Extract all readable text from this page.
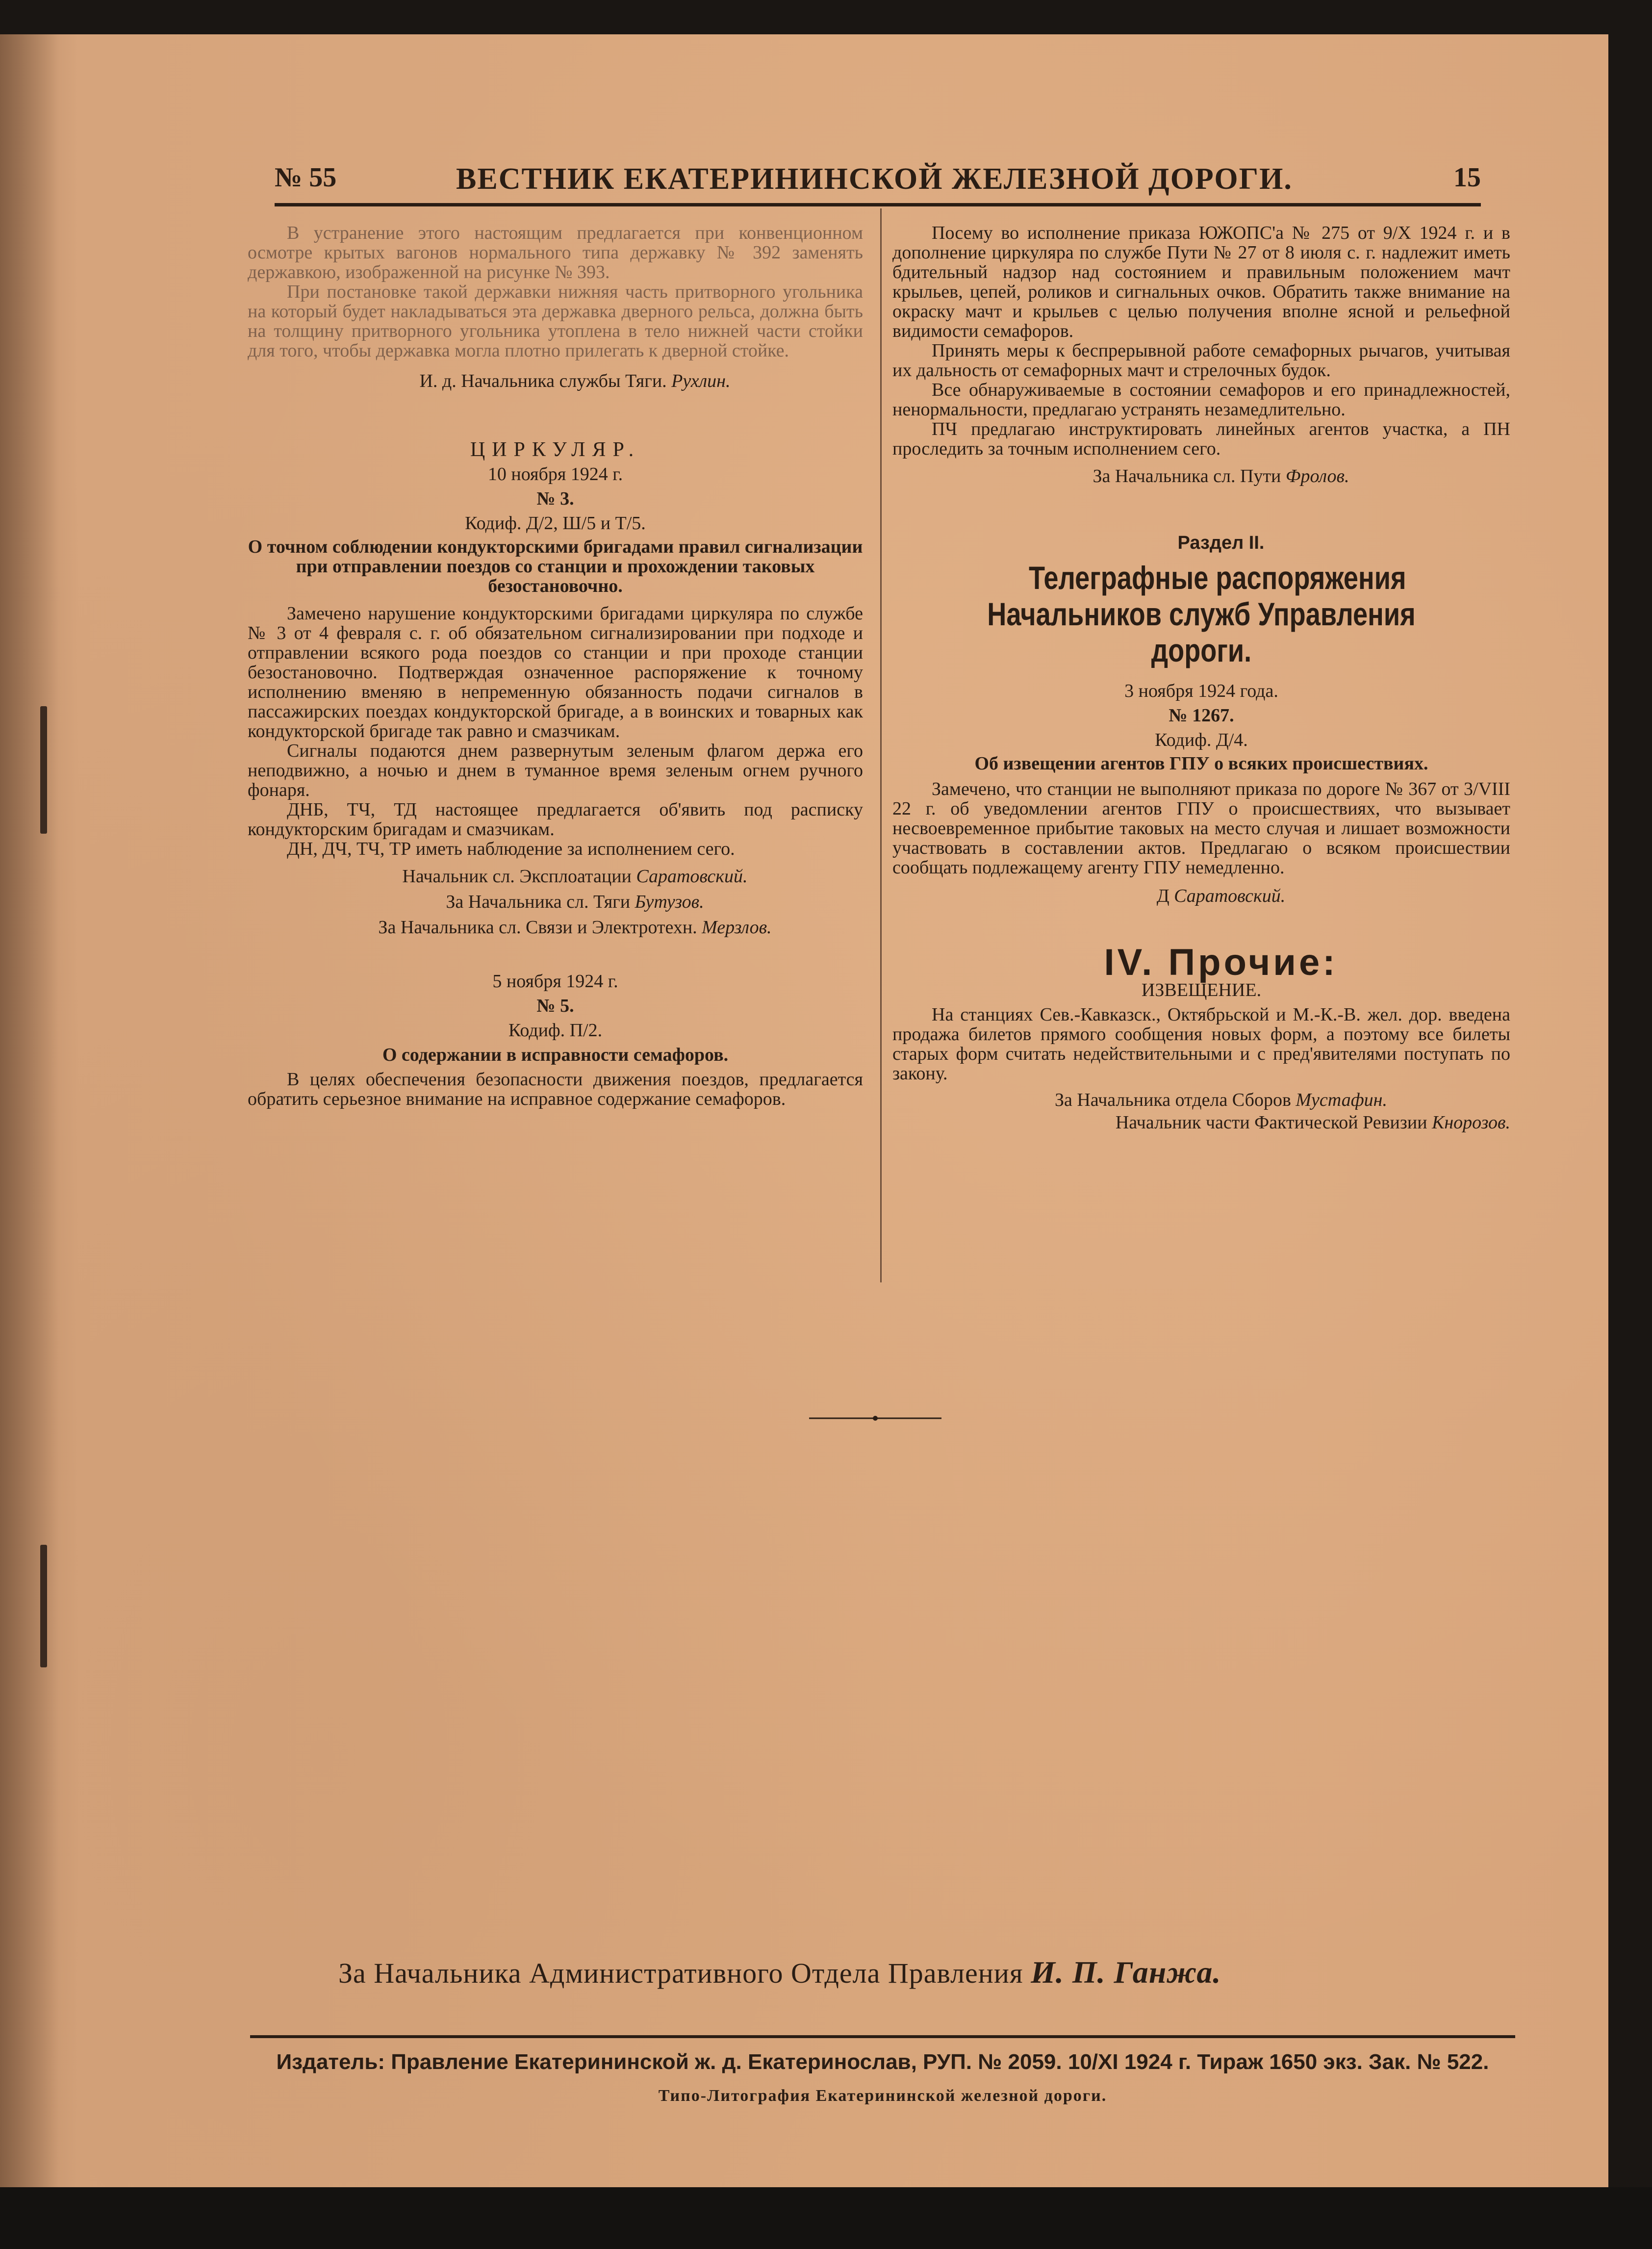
№ 55	ВЕСТНИК ЕКАТЕРИНИНСКОЙ ЖЕЛЕЗНОЙ ДОРОГИ.	15

В устранение этого настоящим предлагается при конвенционном осмотре крытых вагонов нормального типа державку № 392 заменять державкою, изображенной на рисунке № 393.

При постановке такой державки нижняя часть притворного угольника на который будет накладываться эта державка дверного рельса, должна быть на толщину притворного угольника утоплена в тело нижней части стойки для того, чтобы державка могла плотно прилегать к дверной стойке.

И. д. Начальника службы Тяги. Рухлин.

ЦИРКУЛЯР.

10 ноября 1924 г.

№ 3.

Кодиф. Д/2, Ш/5 и Т/5.

О точном соблюдении кондукторскими бригадами правил сигнализации при отправлении поездов со станции и прохождении таковых безостановочно.

Замечено нарушение кондукторскими бригадами циркуляра по службе № 3 от 4 февраля с. г. об обязательном сигнализировании при подходе и отправлении всякого рода поездов со станции и при проходе станции безостановочно. Подтверждая означенное распоряжение к точному исполнению вменяю в непременную обязанность подачи сигналов в пассажирских поездах кондукторской бригаде, а в воинских и товарных как кондукторской бригаде так равно и смазчикам.

Сигналы подаются днем развернутым зеленым флагом держа его неподвижно, а ночью и днем в туманное время зеленым огнем ручного фонаря.

ДНБ, ТЧ, ТД настоящее предлагается об'явить под расписку кондукторским бригадам и смазчикам.

ДН, ДЧ, ТЧ, ТР иметь наблюдение за исполнением сего.

Начальник сл. Эксплоатации Саратовский.

За Начальника сл. Тяги Бутузов.

За Начальника сл. Связи и Электротехн. Мерзлов.

5 ноября 1924 г.

№ 5.

Кодиф. П/2.

О содержании в исправности семафоров.

В целях обеспечения безопасности движения поездов, предлагается обратить серьезное внимание на исправное содержание семафоров.

Посему во исполнение приказа ЮЖОПС'а № 275 от 9/Х 1924 г. и в дополнение циркуляра по службе Пути № 27 от 8 июля с. г. надлежит иметь бдительный надзор над состоянием и правильным положением мачт крыльев, цепей, роликов и сигнальных очков. Обратить также внимание на окраску мачт и крыльев с целью получения вполне ясной и рельефной видимости семафоров.

Принять меры к беспрерывной работе семафорных рычагов, учитывая их дальность от семафорных мачт и стрелочных будок.

Все обнаруживаемые в состоянии семафоров и его принадлежностей, ненормальности, предлагаю устранять незамедлительно.

ПЧ предлагаю инструктировать линейных агентов участка, а ПН проследить за точным исполнением сего.

За Начальника сл. Пути Фролов.

Раздел II.

Телеграфные распоряжения Начальников служб Управления дороги.

3 ноября 1924 года.

№ 1267.

Кодиф. Д/4.

Об извещении агентов ГПУ о всяких происшествиях.

Замечено, что станции не выполняют приказа по дороге № 367 от 3/VIII 22 г. об уведомлении агентов ГПУ о происшествиях, что вызывает несвоевременное прибытие таковых на место случая и лишает возможности участвовать в составлении актов. Предлагаю о всяком происшествии сообщать подлежащему агенту ГПУ немедленно.

Д Саратовский.

IV. Прочие:

ИЗВЕЩЕНИЕ.

На станциях Сев.-Кавказск., Октябрьской и М.-К.-В. жел. дор. введена продажа билетов прямого сообщения новых форм, а поэтому все билеты старых форм считать недействительными и с пред'явителями поступать по закону.

За Начальника отдела Сборов Мустафин.

Начальник части Фактической Ревизии Кнорозов.

За Начальника Административного Отдела Правления И. П. Ганжа.
Издатель: Правление Екатерининской ж. д. Екатеринослав, РУП. № 2059. 10/XI 1924 г. Тираж 1650 экз. Зак. № 522.
Типо-Литография Екатерининской железной дороги.
